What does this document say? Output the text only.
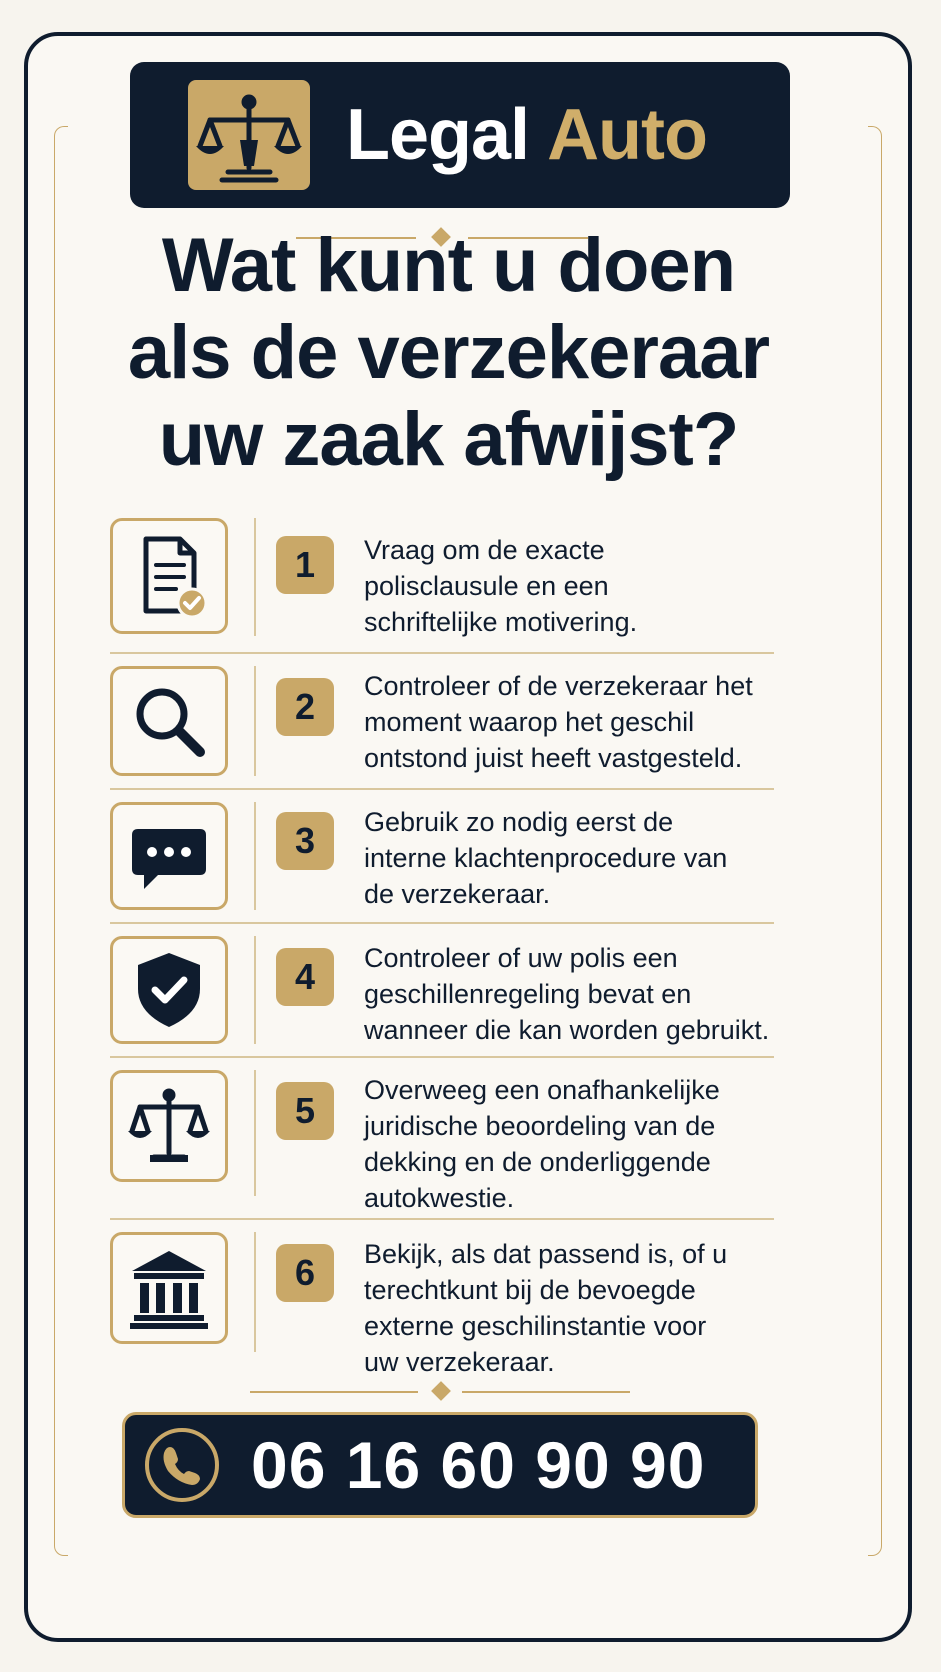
Legal Auto
Wat kunt u doen
als de verzekeraar
uw zaak afwijst?
1	Vraag om de exacte
polisclausule en een
schriftelijke motivering.
2	Controleer of de verzekeraar het
moment waarop het geschil
ontstond juist heeft vastgesteld.
3	Gebruik zo nodig eerst de
interne klachtenprocedure van
de verzekeraar.
4	Controleer of uw polis een
geschillenregeling bevat en
wanneer die kan worden gebruikt.
5	Overweeg een onafhankelijke
juridische beoordeling van de
dekking en de onderliggende
autokwestie.
6	Bekijk, als dat passend is, of u
terechtkunt bij de bevoegde
externe geschilinstantie voor
uw verzekeraar.
06 16 60 90 90
